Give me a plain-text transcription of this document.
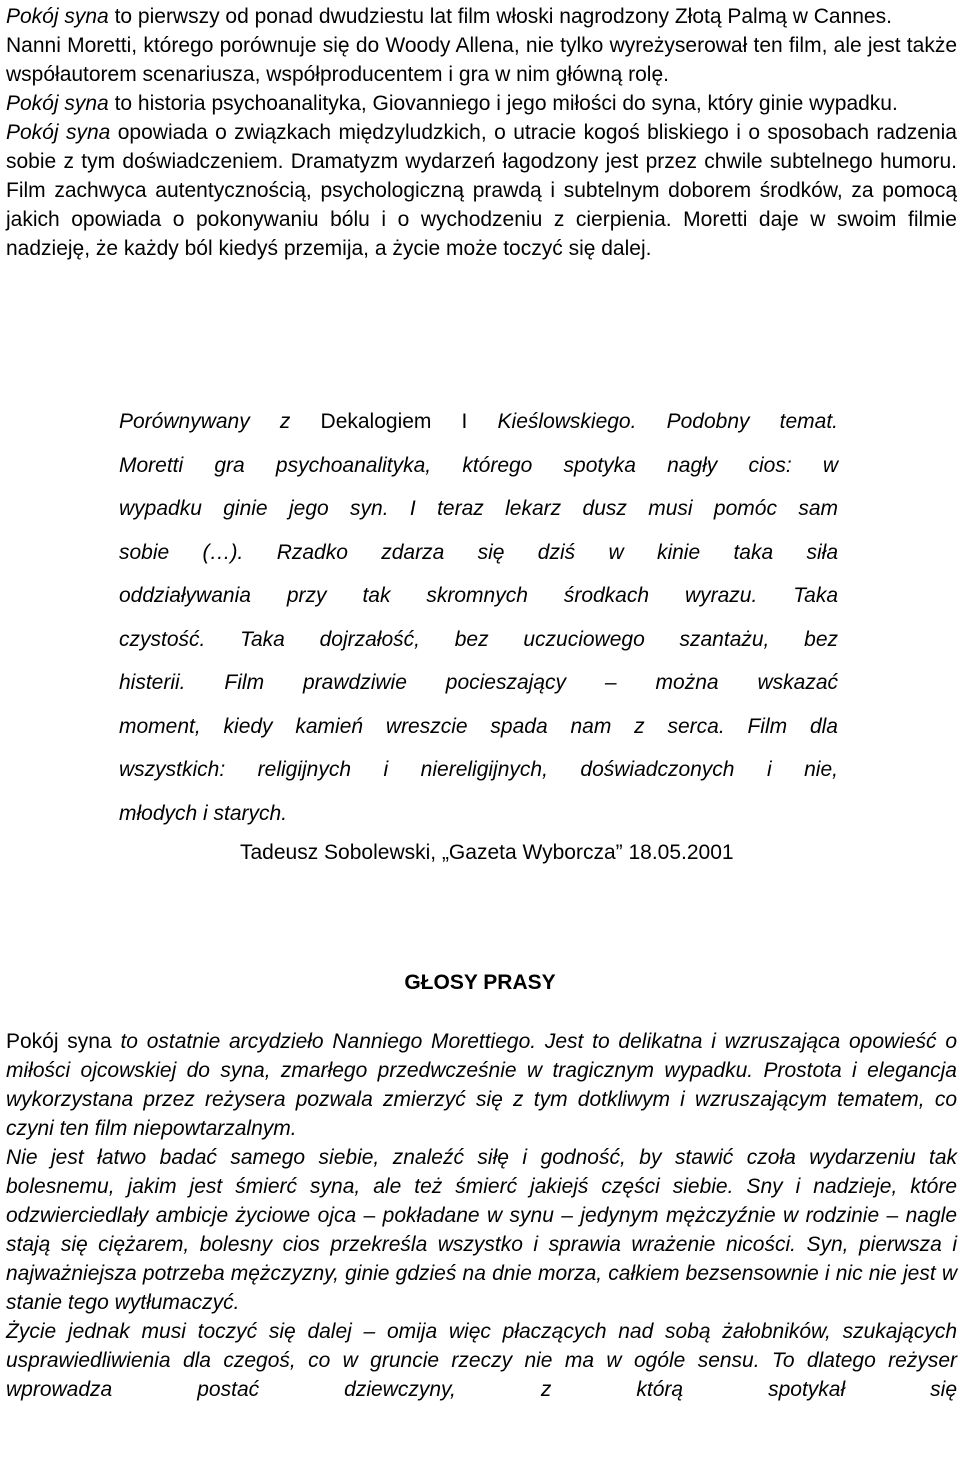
Pokój syna to pierwszy od ponad dwudziestu lat film włoski nagrodzony Złotą Palmą w Cannes.

Nanni Moretti, którego porównuje się do Woody Allena, nie tylko wyreżyserował ten film, ale jest także współautorem scenariusza, współproducentem i gra w nim główną rolę.

Pokój syna to historia psychoanalityka, Giovanniego i jego miłości do syna, który ginie wypadku.

Pokój syna opowiada o związkach międzyludzkich, o utracie kogoś bliskiego i o sposobach radzenia sobie z tym doświadczeniem. Dramatyzm wydarzeń łagodzony jest przez chwile subtelnego humoru. Film zachwyca autentycznością, psychologiczną prawdą i subtelnym doborem środków, za pomocą jakich opowiada o pokonywaniu bólu i o wychodzeniu z cierpienia. Moretti daje w swoim filmie nadzieję, że każdy ból kiedyś przemija, a życie może toczyć się dalej.

Porównywany z Dekalogiem I Kieślowskiego. Podobny temat.
Moretti gra psychoanalityka, którego spotyka nagły cios: w
wypadku ginie jego syn. I teraz lekarz dusz musi pomóc sam
sobie (…). Rzadko zdarza się dziś w kinie taka siła
oddziaływania przy tak skromnych środkach wyrazu. Taka
czystość. Taka dojrzałość, bez uczuciowego szantażu, bez
histerii. Film prawdziwie pocieszający – można wskazać
moment, kiedy kamień wreszcie spada nam z serca. Film dla
wszystkich: religijnych i niereligijnych, doświadczonych i nie,
młodych i starych.
Tadeusz Sobolewski, „Gazeta Wyborcza” 18.05.2001
GŁOSY PRASY

Pokój syna to ostatnie arcydzieło Nanniego Morettiego. Jest to delikatna i wzruszająca opowieść o miłości ojcowskiej do syna, zmarłego przedwcześnie w tragicznym wypadku. Prostota i elegancja wykorzystana przez reżysera pozwala zmierzyć się z tym dotkliwym i wzruszającym tematem, co czyni ten film niepowtarzalnym.

Nie jest łatwo badać samego siebie, znaleźć siłę i godność, by stawić czoła wydarzeniu tak bolesnemu, jakim jest śmierć syna, ale też śmierć jakiejś części siebie. Sny i nadzieje, które odzwierciedlały ambicje życiowe ojca – pokładane w synu – jedynym mężczyźnie w rodzinie – nagle stają się ciężarem, bolesny cios przekreśla wszystko i sprawia wrażenie nicości. Syn, pierwsza i najważniejsza potrzeba mężczyzny, ginie gdzieś na dnie morza, całkiem bezsensownie i nic nie jest w stanie tego wytłumaczyć.

Życie jednak musi toczyć się dalej – omija więc płaczących nad sobą żałobników, szukających usprawiedliwienia dla czegoś, co w gruncie rzeczy nie ma w ogóle sensu. To dlatego reżyser wprowadza postać dziewczyny, z którą spotykał się
